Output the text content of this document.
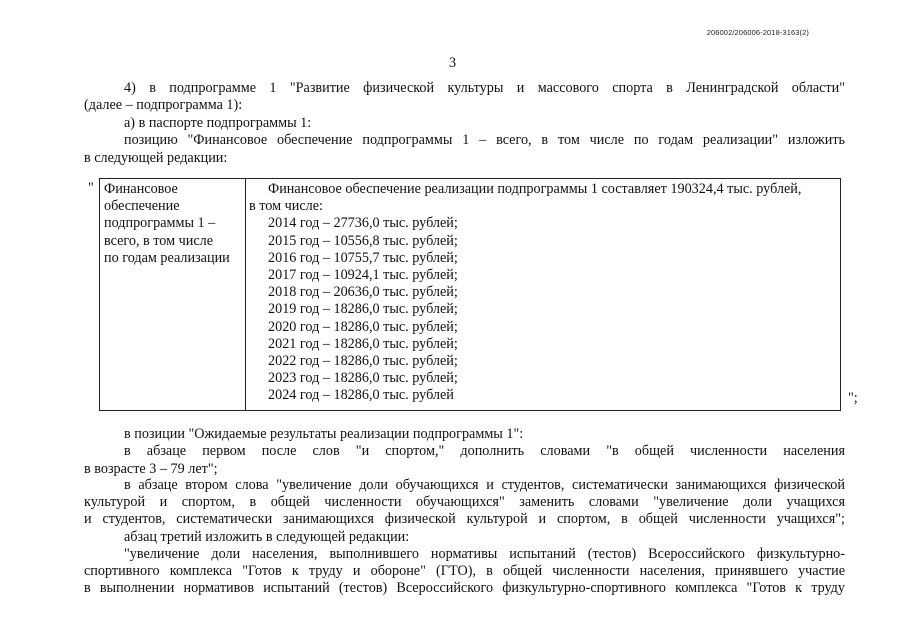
206002/206006-2018-3163(2)
3

4) в подпрограмме 1 "Развитие физической культуры и массового спорта в Ленинградской области"

(далее – подпрограмма 1):

а) в паспорте подпрограммы 1:

позицию "Финансовое обеспечение подпрограммы 1 – всего, в том числе по годам реализации" изложить

в следующей редакции:

" Финансовое
обеспечение
подпрограммы 1 –
всего, в том числе
по годам реализации

Финансовое обеспечение реализации подпрограммы 1 составляет 190324,4 тыс. рублей,

в том числе:

2014 год – 27736,0 тыс. рублей;
2015 год – 10556,8 тыс. рублей;
2016 год – 10755,7 тыс. рублей;
2017 год – 10924,1 тыс. рублей;
2018 год – 20636,0 тыс. рублей;
2019 год – 18286,0 тыс. рублей;
2020 год – 18286,0 тыс. рублей;
2021 год – 18286,0 тыс. рублей;
2022 год – 18286,0 тыс. рублей;
2023 год – 18286,0 тыс. рублей;
2024 год – 18286,0 тыс. рублей	";

в позиции "Ожидаемые результаты реализации подпрограммы 1":

в абзаце первом после слов "и спортом," дополнить словами "в общей численности населения

в возрасте 3 – 79 лет";

в абзаце втором слова "увеличение доли обучающихся и студентов, систематически занимающихся физической

культурой и спортом, в общей численности обучающихся" заменить словами "увеличение доли учащихся

и студентов, систематически занимающихся физической культурой и спортом, в общей численности учащихся";

абзац третий изложить в следующей редакции:

"увеличение доли населения, выполнившего нормативы испытаний (тестов) Всероссийского физкультурно-

спортивного комплекса "Готов к труду и обороне" (ГТО), в общей численности населения, принявшего участие

в выполнении нормативов испытаний (тестов) Всероссийского физкультурно-спортивного комплекса "Готов к труду
